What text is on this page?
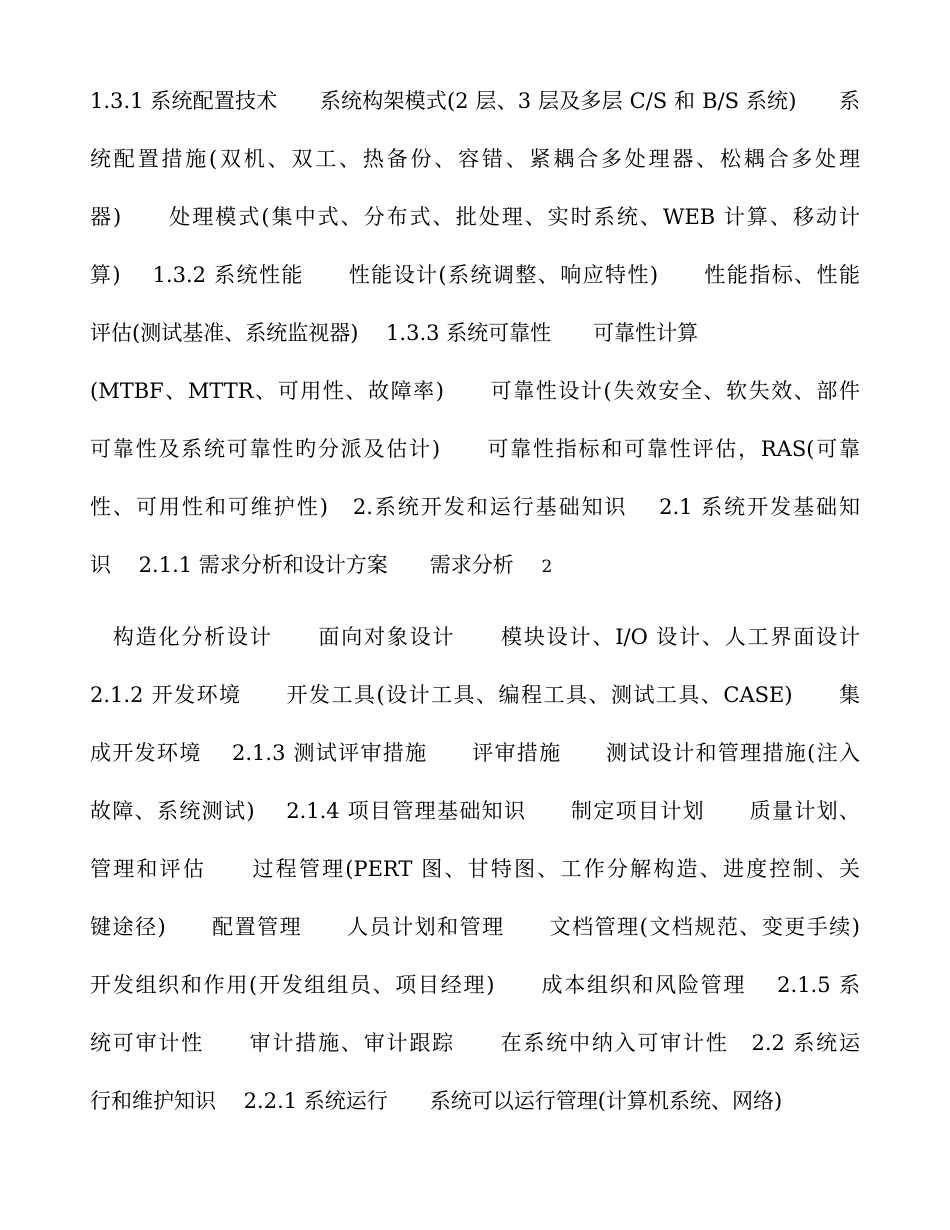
1.3.1 系统配置技术　　系统构架模式(2 层、3 层及多层 C/S 和 B/S 系统)　　系
统配置措施(双机、双工、热备份、容错、紧耦合多处理器、松耦合多处理
器)　　处理模式(集中式、分布式、批处理、实时系统、WEB 计算、移动计
算)　 1.3.2 系统性能　　性能设计(系统调整、响应特性)　　性能指标、性能
评估(测试基准、系统监视器)　 1.3.3 系统可靠性　　可靠性计算
(MTBF、MTTR、可用性、故障率)　　可靠性设计(失效安全、软失效、部件
可靠性及系统可靠性旳分派及估计)　　可靠性指标和可靠性评估，RAS(可靠
性、可用性和可维护性)　2.系统开发和运行基础知识　 2.1 系统开发基础知
识　 2.1.1 需求分析和设计方案　　需求分析　 2
　构造化分析设计　　面向对象设计　　模块设计、I/O 设计、人工界面设计
2.1.2 开发环境　　开发工具(设计工具、编程工具、测试工具、CASE)　　集
成开发环境　 2.1.3 测试评审措施　　评审措施　　测试设计和管理措施(注入
故障、系统测试)　 2.1.4 项目管理基础知识　　制定项目计划　　质量计划、
管理和评估　　过程管理(PERT 图、甘特图、工作分解构造、进度控制、关
键途径)　　配置管理　　人员计划和管理　　文档管理(文档规范、变更手续)
开发组织和作用(开发组组员、项目经理)　　成本组织和风险管理　 2.1.5 系
统可审计性　　审计措施、审计跟踪　　在系统中纳入可审计性　2.2 系统运
行和维护知识　 2.2.1 系统运行　　系统可以运行管理(计算机系统、网络)
